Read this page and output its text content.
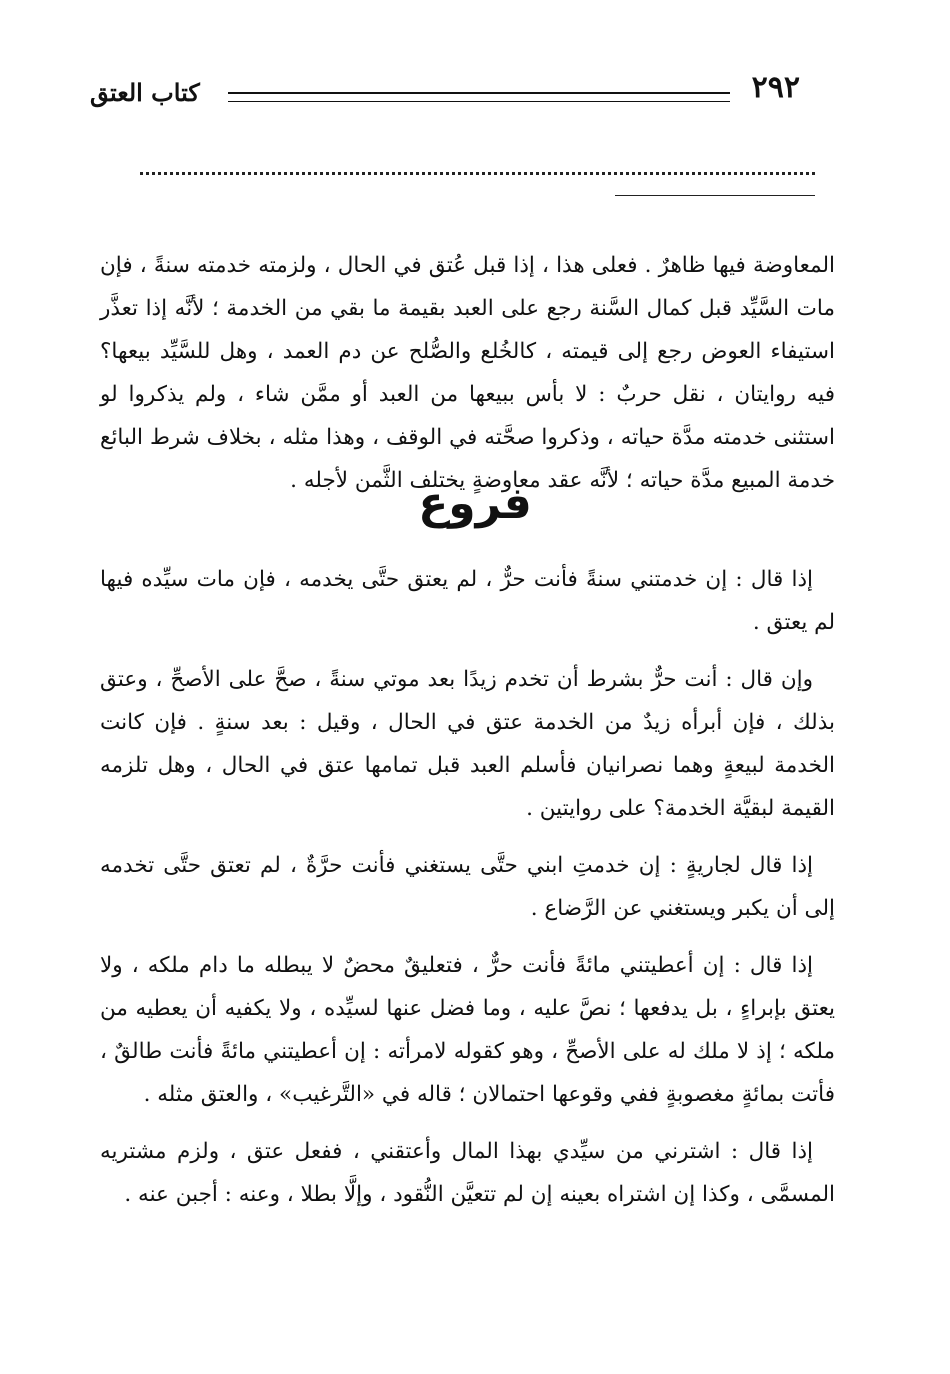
٢٩٢
كتاب العتق

المعاوضة فيها ظاهرٌ . فعلى هذا ، إذا قبل عُتق في الحال ، ولزمته خدمته سنةً ، فإن مات السَّيِّد قبل كمال السَّنة رجع على العبد بقيمة ما بقي من الخدمة ؛ لأنَّه إذا تعذَّر استيفاء العوض رجع إلى قيمته ، كالخُلع والصُّلح عن دم العمد ، وهل للسَّيِّد بيعها؟ فيه روايتان ، نقل حربٌ : لا بأس ببيعها من العبد أو ممَّن شاء ، ولم يذكروا لو استثنى خدمته مدَّة حياته ، وذكروا صحَّته في الوقف ، وهذا مثله ، بخلاف شرط البائع خدمة المبيع مدَّة حياته ؛ لأنَّه عقد معاوضةٍ يختلف الثَّمن لأجله .

فروع

إذا قال : إن خدمتني سنةً فأنت حرٌّ ، لم يعتق حتَّى يخدمه ، فإن مات سيِّده فيها لم يعتق .

وإن قال : أنت حرٌّ بشرط أن تخدم زيدًا بعد موتي سنةً ، صحَّ على الأصحِّ ، وعتق بذلك ، فإن أبرأه زيدٌ من الخدمة عتق في الحال ، وقيل : بعد سنةٍ . فإن كانت الخدمة لبيعةٍ وهما نصرانيان فأسلم العبد قبل تمامها عتق في الحال ، وهل تلزمه القيمة لبقيَّة الخدمة؟ على روايتين .

إذا قال لجاريةٍ : إن خدمتِ ابني حتَّى يستغني فأنت حرَّةٌ ، لم تعتق حتَّى تخدمه إلى أن يكبر ويستغني عن الرَّضاع .

إذا قال : إن أعطيتني مائةً فأنت حرٌّ ، فتعليقٌ محضٌ لا يبطله ما دام ملكه ، ولا يعتق بإبراءٍ ، بل يدفعها ؛ نصَّ عليه ، وما فضل عنها لسيِّده ، ولا يكفيه أن يعطيه من ملكه ؛ إذ لا ملك له على الأصحِّ ، وهو كقوله لامرأته : إن أعطيتني مائةً فأنت طالقٌ ، فأتت بمائةٍ مغصوبةٍ ففي وقوعها احتمالان ؛ قاله في «التَّرغيب» ، والعتق مثله .

إذا قال : اشترني من سيِّدي بهذا المال وأعتقني ، ففعل عتق ، ولزم مشتريه المسمَّى ، وكذا إن اشتراه بعينه إن لم تتعيَّن النُّقود ، وإلَّا بطلا ، وعنه : أجبن عنه .
